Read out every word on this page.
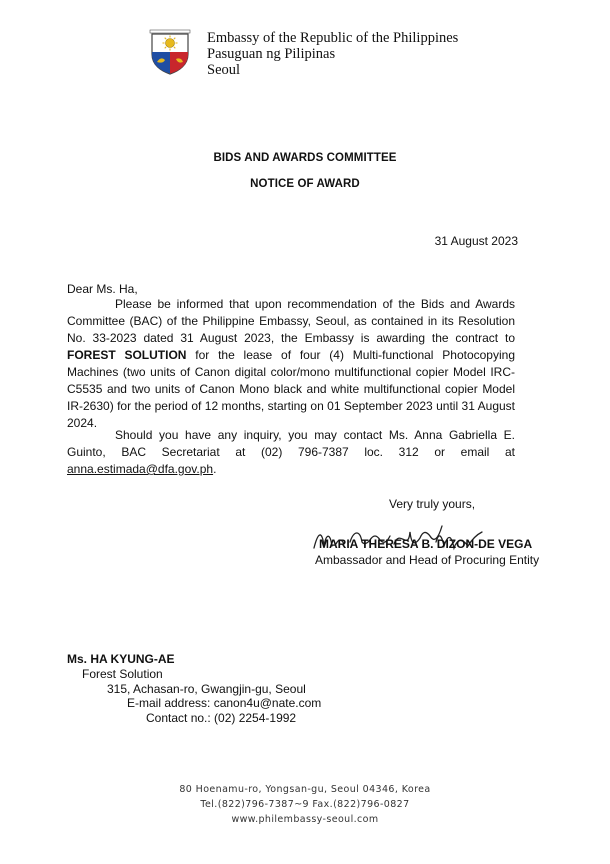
Embassy of the Republic of the Philippines
Pasuguan ng Pilipinas
Seoul
BIDS AND AWARDS COMMITTEE
NOTICE OF AWARD
31 August 2023
Dear Ms. Ha,

Please be informed that upon recommendation of the Bids and Awards Committee (BAC) of the Philippine Embassy, Seoul, as contained in its Resolution No. 33-2023 dated 31 August 2023, the Embassy is awarding the contract to FOREST SOLUTION for the lease of four (4) Multi-functional Photocopying Machines (two units of Canon digital color/mono multifunctional copier Model IRC-C5535 and two units of Canon Mono black and white multifunctional copier Model IR-2630) for the period of 12 months, starting on 01 September 2023 until 31 August 2024.

Should you have any inquiry, you may contact Ms. Anna Gabriella E. Guinto, BAC Secretariat at (02) 796-7387 loc. 312 or email at anna.estimada@dfa.gov.ph.

Very truly yours,
MARIA THERESA B. DIZON-DE VEGA
Ambassador and Head of Procuring Entity
Ms. HA KYUNG-AE
Forest Solution
315, Achasan-ro, Gwangjin-gu, Seoul
E-mail address: canon4u@nate.com
Contact no.: (02) 2254-1992
80 Hoenamu-ro, Yongsan-gu, Seoul 04346, Korea
Tel.(822)796-7387~9 Fax.(822)796-0827
www.philembassy-seoul.com
